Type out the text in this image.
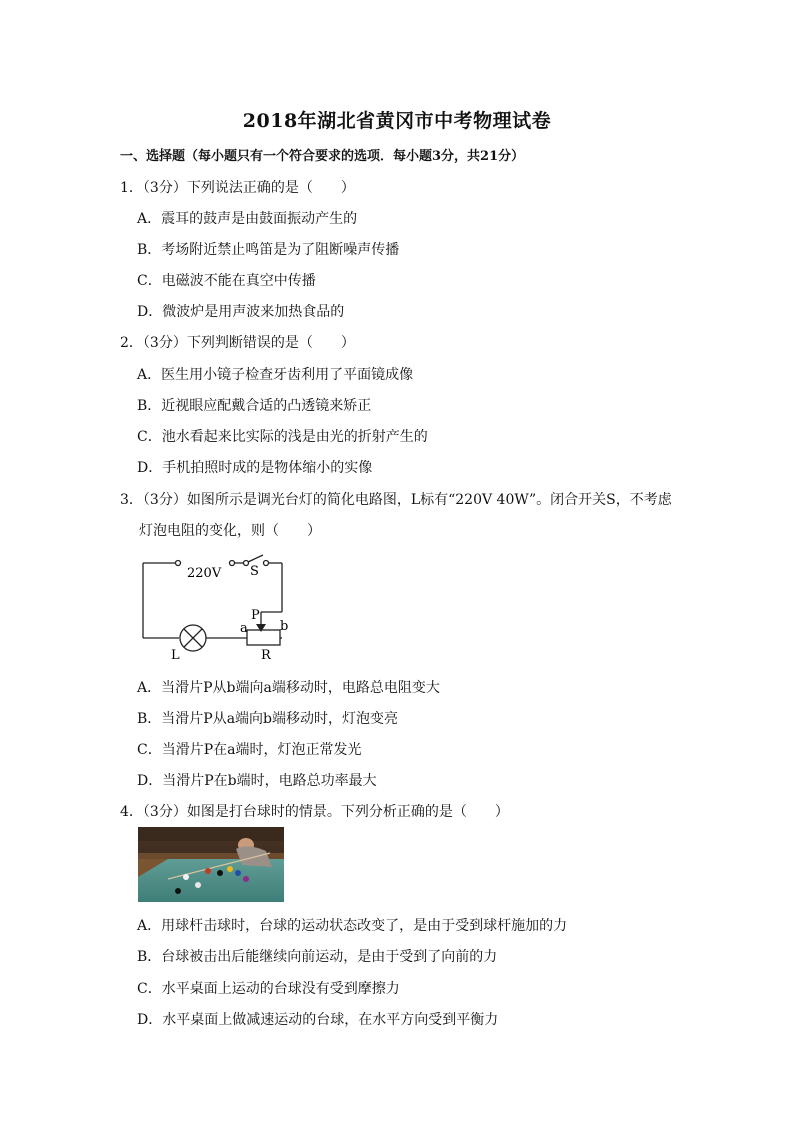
2018年湖北省黄冈市中考物理试卷
一、选择题（每小题只有一个符合要求的选项．每小题3分，共21分）
1．（3分）下列说法正确的是（　　）
A．震耳的鼓声是由鼓面振动产生的
B．考场附近禁止鸣笛是为了阻断噪声传播
C．电磁波不能在真空中传播
D．微波炉是用声波来加热食品的
2．（3分）下列判断错误的是（　　）
A．医生用小镜子检查牙齿利用了平面镜成像
B．近视眼应配戴合适的凸透镜来矫正
C．池水看起来比实际的浅是由光的折射产生的
D．手机拍照时成的是物体缩小的实像
3．（3分）如图所示是调光台灯的简化电路图，L标有“220V 40W”。闭合开关S，不考虑
灯泡电阻的变化，则（　　）
220V S
P
a b
L	R
A．当滑片P从b端向a端移动时，电路总电阻变大
B．当滑片P从a端向b端移动时，灯泡变亮
C．当滑片P在a端时，灯泡正常发光
D．当滑片P在b端时，电路总功率最大
4．（3分）如图是打台球时的情景。下列分析正确的是（　　）
A．用球杆击球时，台球的运动状态改变了，是由于受到球杆施加的力
B．台球被击出后能继续向前运动，是由于受到了向前的力
C．水平桌面上运动的台球没有受到摩擦力
D．水平桌面上做减速运动的台球，在水平方向受到平衡力
